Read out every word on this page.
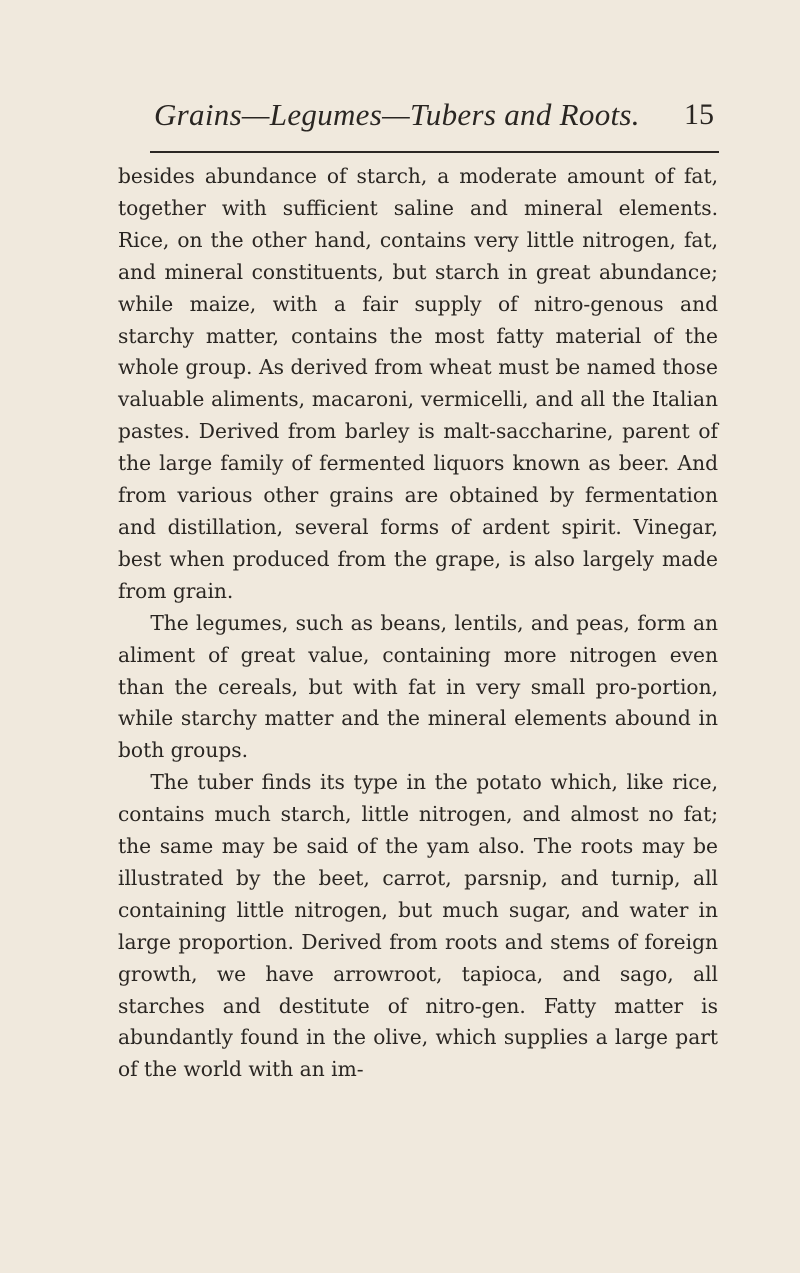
Grains—Legumes—Tubers and Roots. 15

besides abundance of starch, a moderate amount of fat, together with sufficient saline and mineral elements. Rice, on the other hand, contains very little nitrogen, fat, and mineral constituents, but starch in great abundance; while maize, with a fair supply of nitro-genous and starchy matter, contains the most fatty material of the whole group. As derived from wheat must be named those valuable aliments, macaroni, vermicelli, and all the Italian pastes. Derived from barley is malt-saccharine, parent of the large family of fermented liquors known as beer. And from various other grains are obtained by fermentation and distillation, several forms of ardent spirit. Vinegar, best when produced from the grape, is also largely made from grain.

The legumes, such as beans, lentils, and peas, form an aliment of great value, containing more nitrogen even than the cereals, but with fat in very small pro-portion, while starchy matter and the mineral elements abound in both groups.

The tuber finds its type in the potato which, like rice, contains much starch, little nitrogen, and almost no fat; the same may be said of the yam also. The roots may be illustrated by the beet, carrot, parsnip, and turnip, all containing little nitrogen, but much sugar, and water in large proportion. Derived from roots and stems of foreign growth, we have arrowroot, tapioca, and sago, all starches and destitute of nitro-gen. Fatty matter is abundantly found in the olive, which supplies a large part of the world with an im-
